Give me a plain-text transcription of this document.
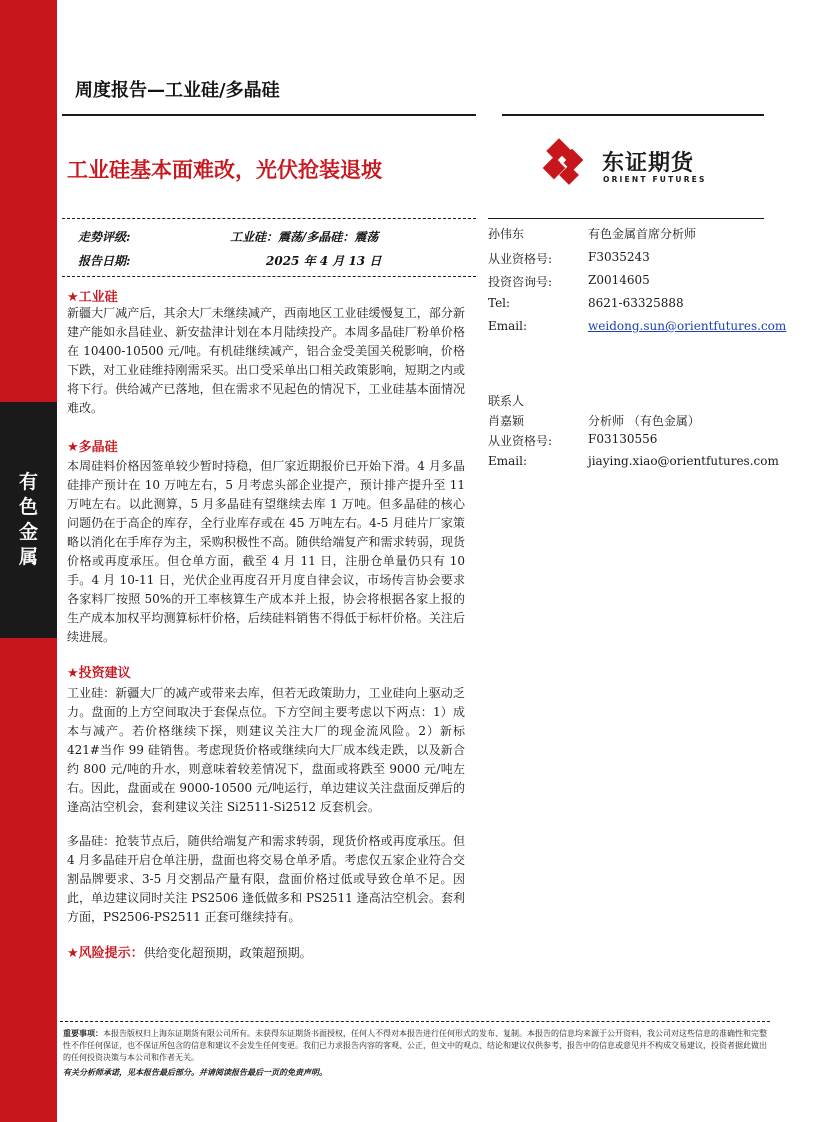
有
色
金
属
周度报告—工业硅/多晶硅
工业硅基本面难改，光伏抢装退坡	东证期货
ORIENT FUTURES
走势评级:	工业硅：震荡/多晶硅：震荡
报告日期:	2025 年 4 月 13 日
★工业硅
新疆大厂减产后，其余大厂未继续减产，西南地区工业硅缓慢复工，部分新建产能如永昌硅业、新安盐津计划在本月陆续投产。本周多晶硅厂粉单价格在 10400-10500 元/吨。有机硅继续减产，铝合金受美国关税影响，价格下跌，对工业硅维持刚需采买。出口受采单出口相关政策影响，短期之内或将下行。供给减产已落地，但在需求不见起色的情况下，工业硅基本面情况难改。
★多晶硅
本周硅料价格因签单较少暂时持稳，但厂家近期报价已开始下滑。4 月多晶硅排产预计在 10 万吨左右，5 月考虑头部企业提产，预计排产提升至 11 万吨左右。以此测算，5 月多晶硅有望继续去库 1 万吨。但多晶硅的核心问题仍在于高企的库存，全行业库存或在 45 万吨左右。4-5 月硅片厂家策略以消化在手库存为主，采购积极性不高。随供给端复产和需求转弱，现货价格或再度承压。但仓单方面，截至 4 月 11 日，注册仓单量仍只有 10 手。4 月 10-11 日，光伏企业再度召开月度自律会议，市场传言协会要求各家料厂按照 50%的开工率核算生产成本并上报，协会将根据各家上报的生产成本加权平均测算标杆价格，后续硅料销售不得低于标杆价格。关注后续进展。
★投资建议
工业硅：新疆大厂的减产或带来去库，但若无政策助力，工业硅向上驱动乏力。盘面的上方空间取决于套保点位。下方空间主要考虑以下两点：1）成本与减产。若价格继续下探，则建议关注大厂的现金流风险。2）新标 421#当作 99 硅销售。考虑现货价格或继续向大厂成本线走跌，以及新合约 800 元/吨的升水，则意味着较差情况下，盘面或将跌至 9000 元/吨左右。因此，盘面或在 9000-10500 元/吨运行，单边建议关注盘面反弹后的逢高沽空机会，套利建议关注 Si2511-Si2512 反套机会。
多晶硅：抢装节点后，随供给端复产和需求转弱，现货价格或再度承压。但 4 月多晶硅开启仓单注册，盘面也将交易仓单矛盾。考虑仅五家企业符合交割品牌要求、3-5 月交割品产量有限，盘面价格过低或导致仓单不足。因此，单边建议同时关注 PS2506 逢低做多和 PS2511 逢高沽空机会。套利方面，PS2506-PS2511 正套可继续持有。
★风险提示：供给变化超预期，政策超预期。
孙伟东	有色金属首席分析师
从业资格号:	F3035243
投资咨询号:	Z0014605
Tel:	8621-63325888
Email:	weidong.sun@orientfutures.com
联系人
肖嘉颖	分析师 （有色金属）
从业资格号:	F03130556
Email:	jiaying.xiao@orientfutures.com
重要事项：本报告版权归上海东证期货有限公司所有。未获得东证期货书面授权，任何人不得对本报告进行任何形式的发布、复制。本报告的信息均来源于公开资料，我公司对这些信息的准确性和完整性不作任何保证，也不保证所包含的信息和建议不会发生任何变更。我们已力求报告内容的客观、公正，但文中的观点、结论和建议仅供参考，报告中的信息或意见并不构成交易建议，投资者据此做出的任何投资决策与本公司和作者无关。
有关分析师承诺，见本报告最后部分。并请阅读报告最后一页的免责声明。
